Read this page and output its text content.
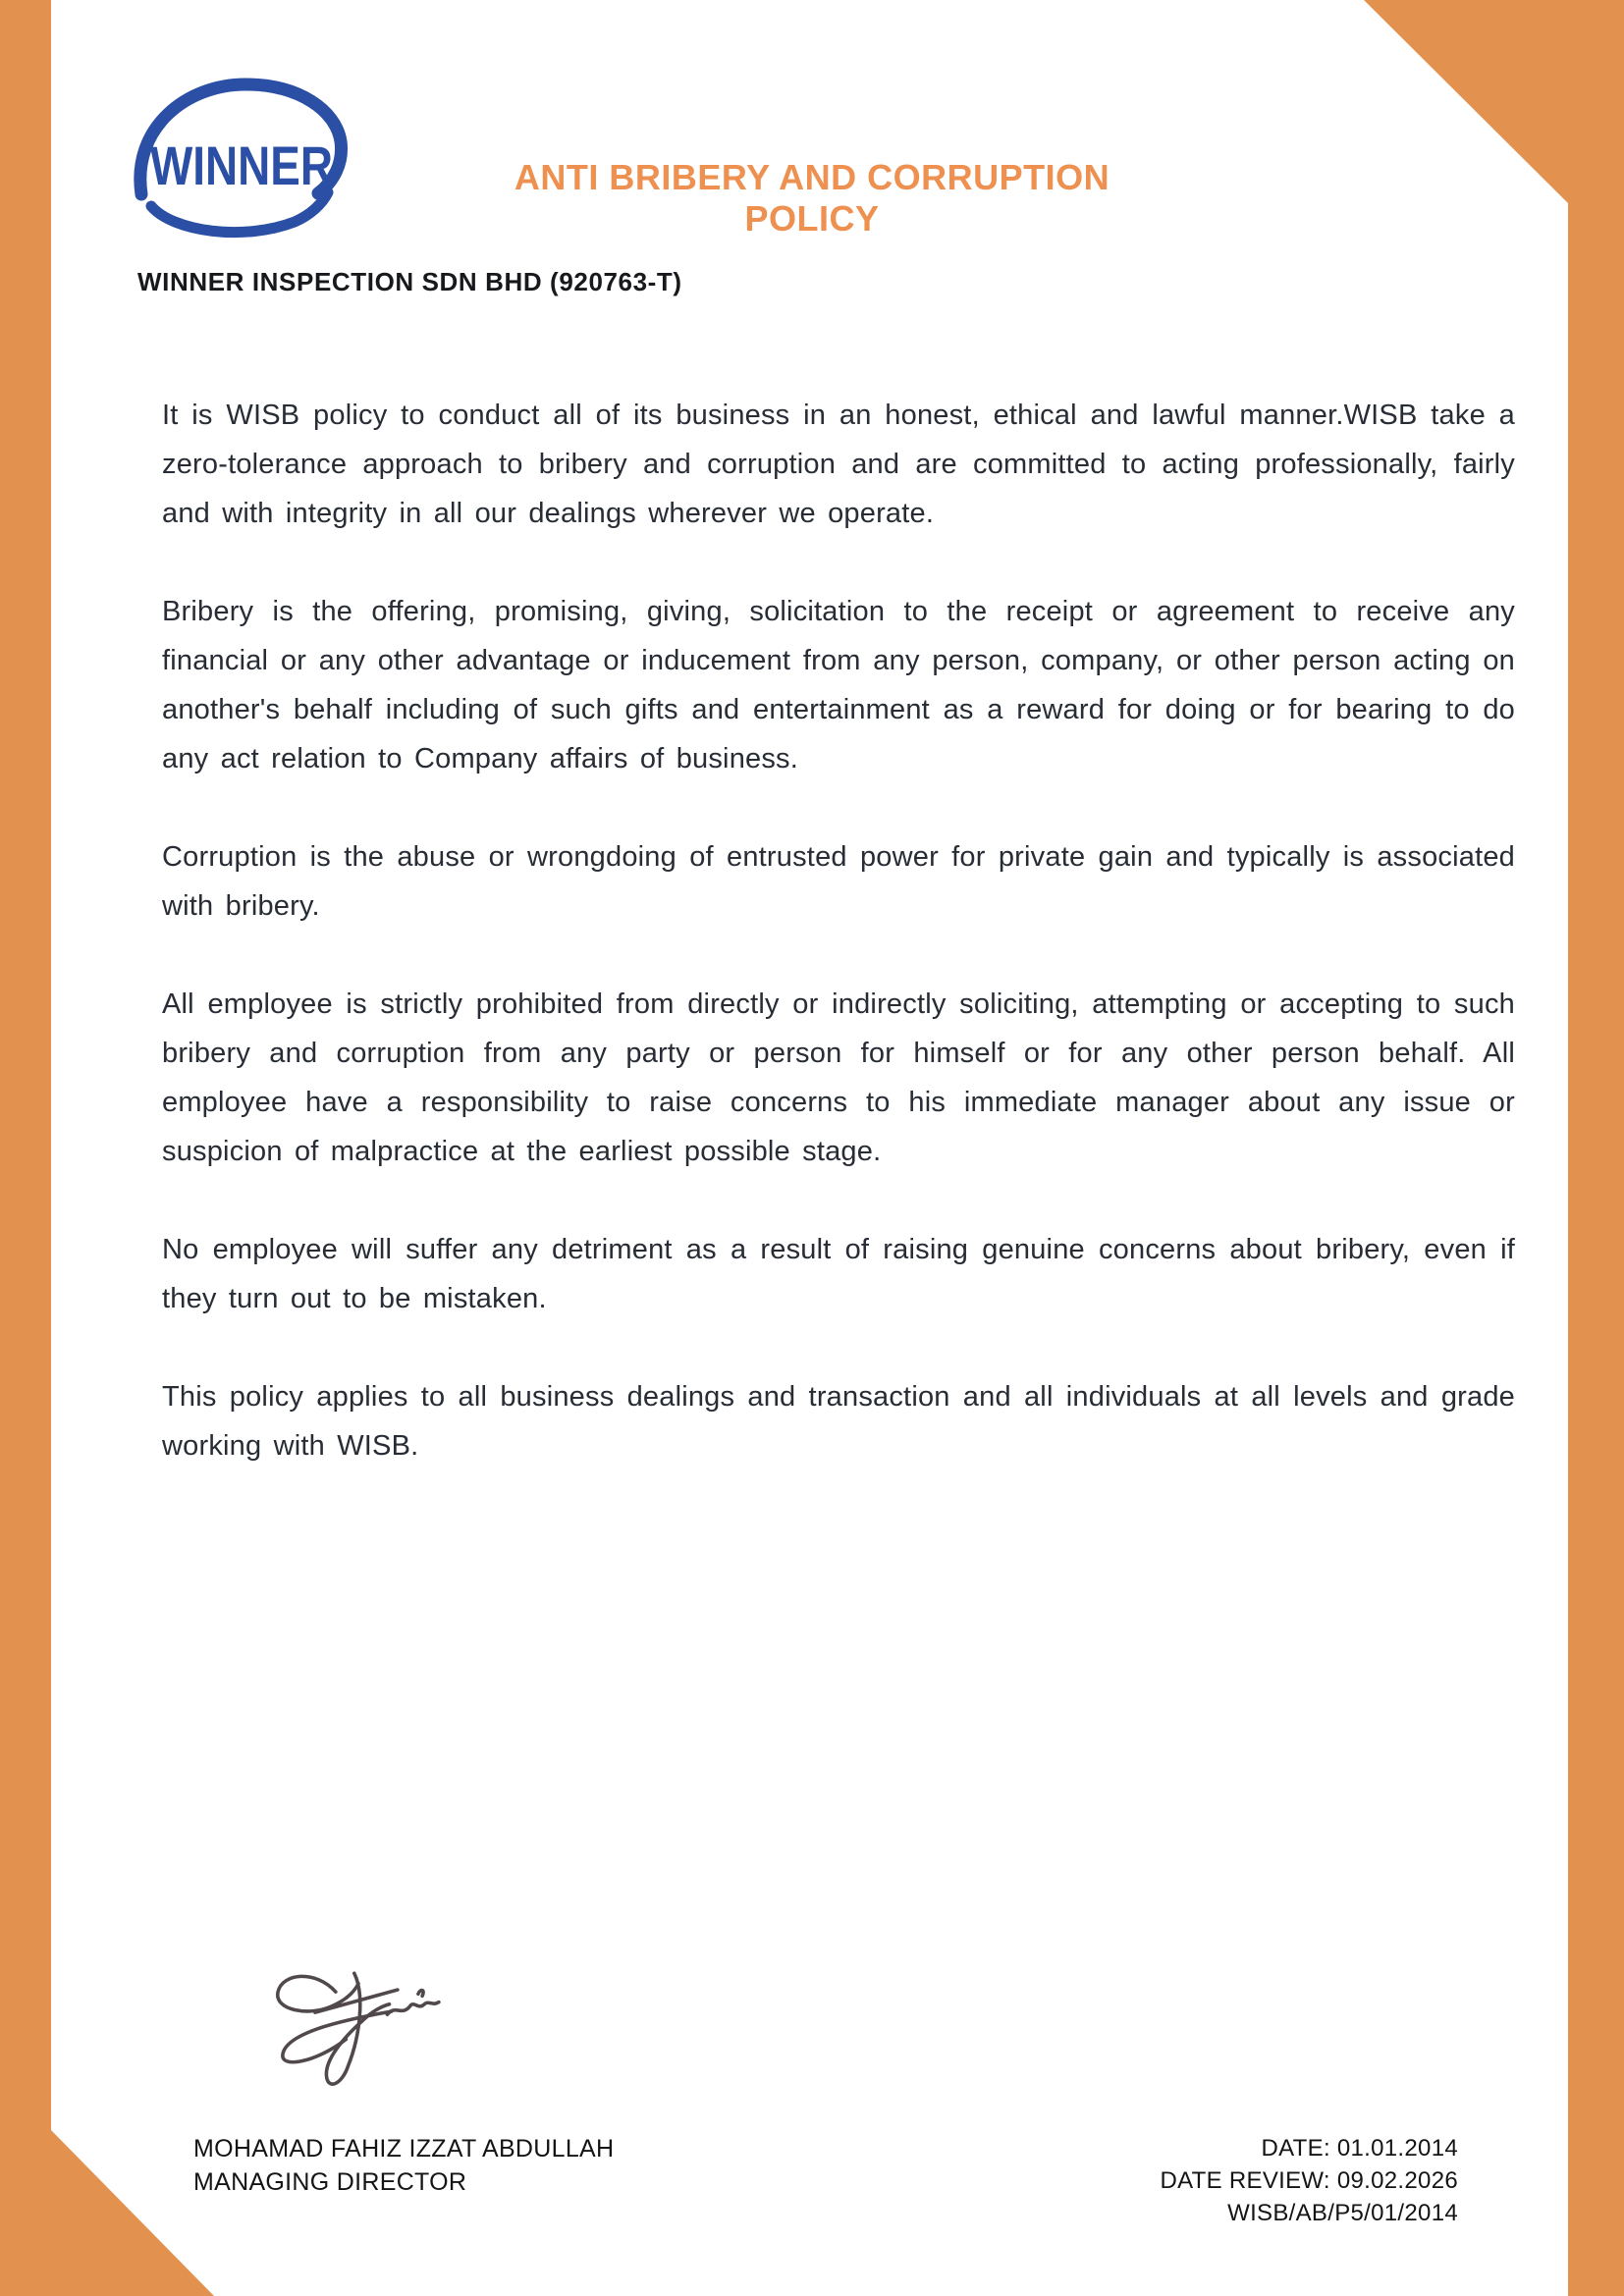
WINNER
WINNER INSPECTION SDN BHD (920763-T)
ANTI BRIBERY AND CORRUPTION
POLICY

It is WISB policy to conduct all of its business in an honest, ethical and lawful manner.WISB take a zero-tolerance approach to bribery and corruption and are committed to acting professionally, fairly and with integrity in all our dealings wherever we operate.

Bribery is the offering, promising, giving, solicitation to the receipt or agreement to receive any financial or any other advantage or inducement from any person, company, or other person acting on another's behalf including of such gifts and entertainment as a reward for doing or for bearing to do any act relation to Company affairs of business.

Corruption is the abuse or wrongdoing of entrusted power for private gain and typically is associated with bribery.

All employee is strictly prohibited from directly or indirectly soliciting, attempting or accepting to such bribery and corruption from any party or person for himself or for any other person behalf. All employee have a responsibility to raise concerns to his immediate manager about any issue or suspicion of malpractice at the earliest possible stage.

No employee will suffer any detriment as a result of raising genuine concerns about bribery, even if they turn out to be mistaken.

This policy applies to all business dealings and transaction and all individuals at all levels and grade working with WISB.

MOHAMAD FAHIZ IZZAT ABDULLAH
MANAGING DIRECTOR
DATE: 01.01.2014
DATE REVIEW: 09.02.2026
WISB/AB/P5/01/2014
